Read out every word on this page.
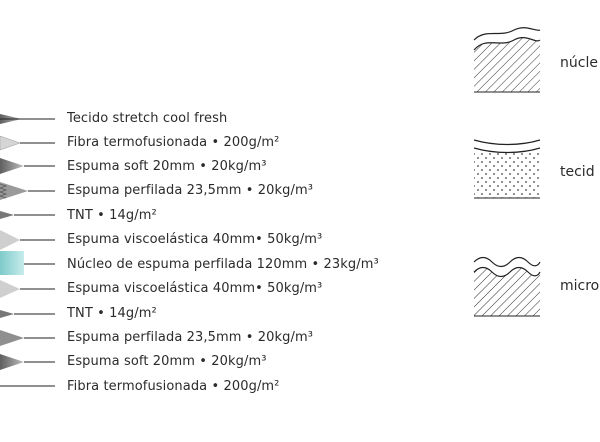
Tecido stretch cool fresh
Fibra termofusionada • 200g/m²
Espuma soft 20mm • 20kg/m³
Espuma perfilada 23,5mm • 20kg/m³
TNT • 14g/m²
Espuma viscoelástica 40mm• 50kg/m³
Núcleo de espuma perfilada 120mm • 23kg/m³
Espuma viscoelástica 40mm• 50kg/m³
TNT • 14g/m²
Espuma perfilada 23,5mm • 20kg/m³
Espuma soft 20mm • 20kg/m³
Fibra termofusionada • 200g/m²
núcle
tecid
micro
